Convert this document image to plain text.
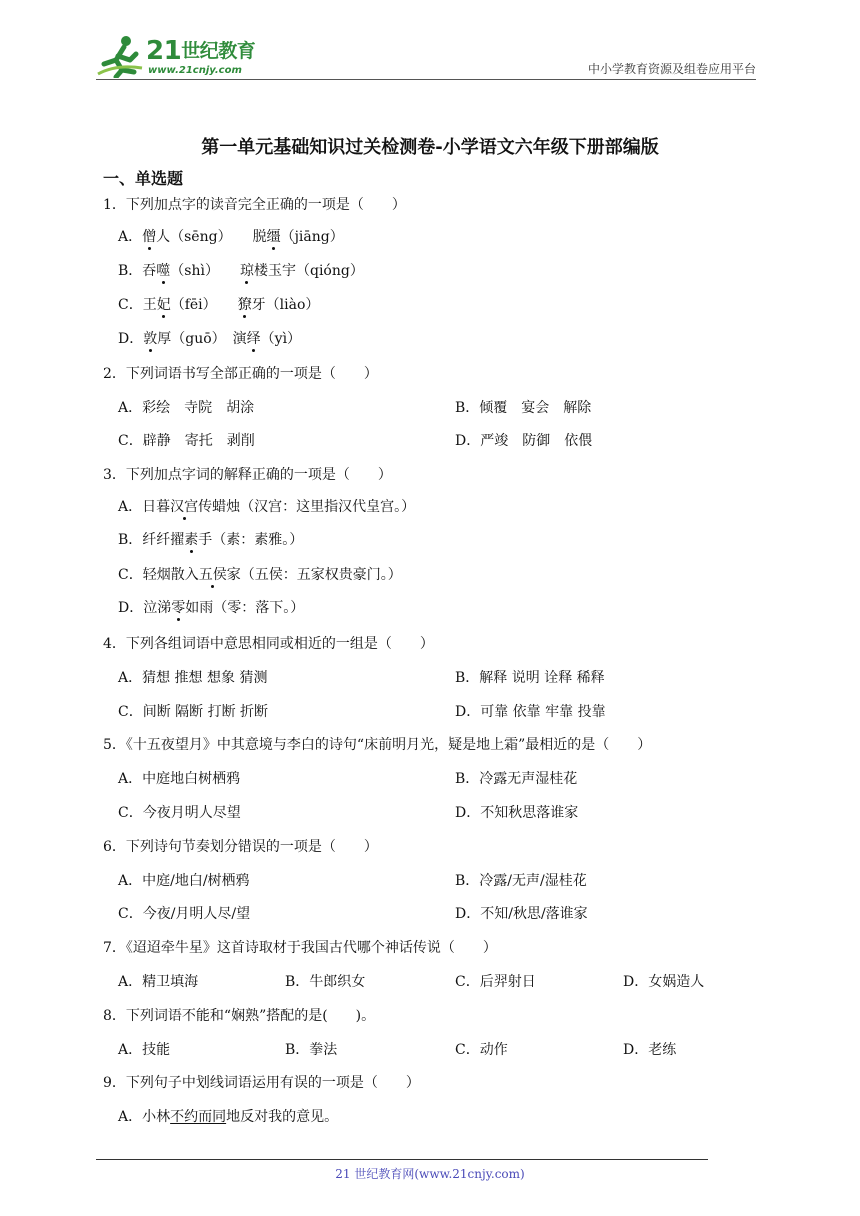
21世纪教育
www.21cnjy.com	中小学教育资源及组卷应用平台
第一单元基础知识过关检测卷-小学语文六年级下册部编版
一、单选题
1．下列加点字的读音完全正确的一项是（　　）
A．僧人（sēng）　　脱缰（jiāng）
B．吞噬（shì）　　琼楼玉宇（qióng）
C．王妃（fēi）　　獠牙（liào）
D．敦厚（guō）　演绎（yì）
2．下列词语书写全部正确的一项是（　　）
A．彩绘　寺院　胡涂	B．倾覆　宴会　解除
C．辟静　寄托　剥削	D．严竣　防御　依偎
3．下列加点字词的解释正确的一项是（　　）
A．日暮汉宫传蜡烛（汉宫：这里指汉代皇宫。）
B．纤纤擢素手（素：素雅。）
C．轻烟散入五侯家（五侯：五家权贵豪门。）
D．泣涕零如雨（零：落下。）
4．下列各组词语中意思相同或相近的一组是（　　）
A．猜想 推想 想象 猜测	B．解释 说明 诠释 稀释
C．间断 隔断 打断 折断	D．可靠 依靠 牢靠 投靠
5．《十五夜望月》中其意境与李白的诗句“床前明月光，疑是地上霜”最相近的是（　　）
A．中庭地白树栖鸦	B．冷露无声湿桂花
C．今夜月明人尽望	D．不知秋思落谁家
6．下列诗句节奏划分错误的一项是（　　）
A．中庭/地白/树栖鸦	B．冷露/无声/湿桂花
C．今夜/月明人尽/望	D．不知/秋思/落谁家
7．《迢迢牵牛星》这首诗取材于我国古代哪个神话传说（　　）
A．精卫填海	B．牛郎织女	C．后羿射日	D．女娲造人
8．下列词语不能和“娴熟”搭配的是(　　)。
A．技能	B．拳法	C．动作	D．老练
9．下列句子中划线词语运用有误的一项是（　　）
A．小林不约而同地反对我的意见。
21 世纪教育网(www.21cnjy.com)
